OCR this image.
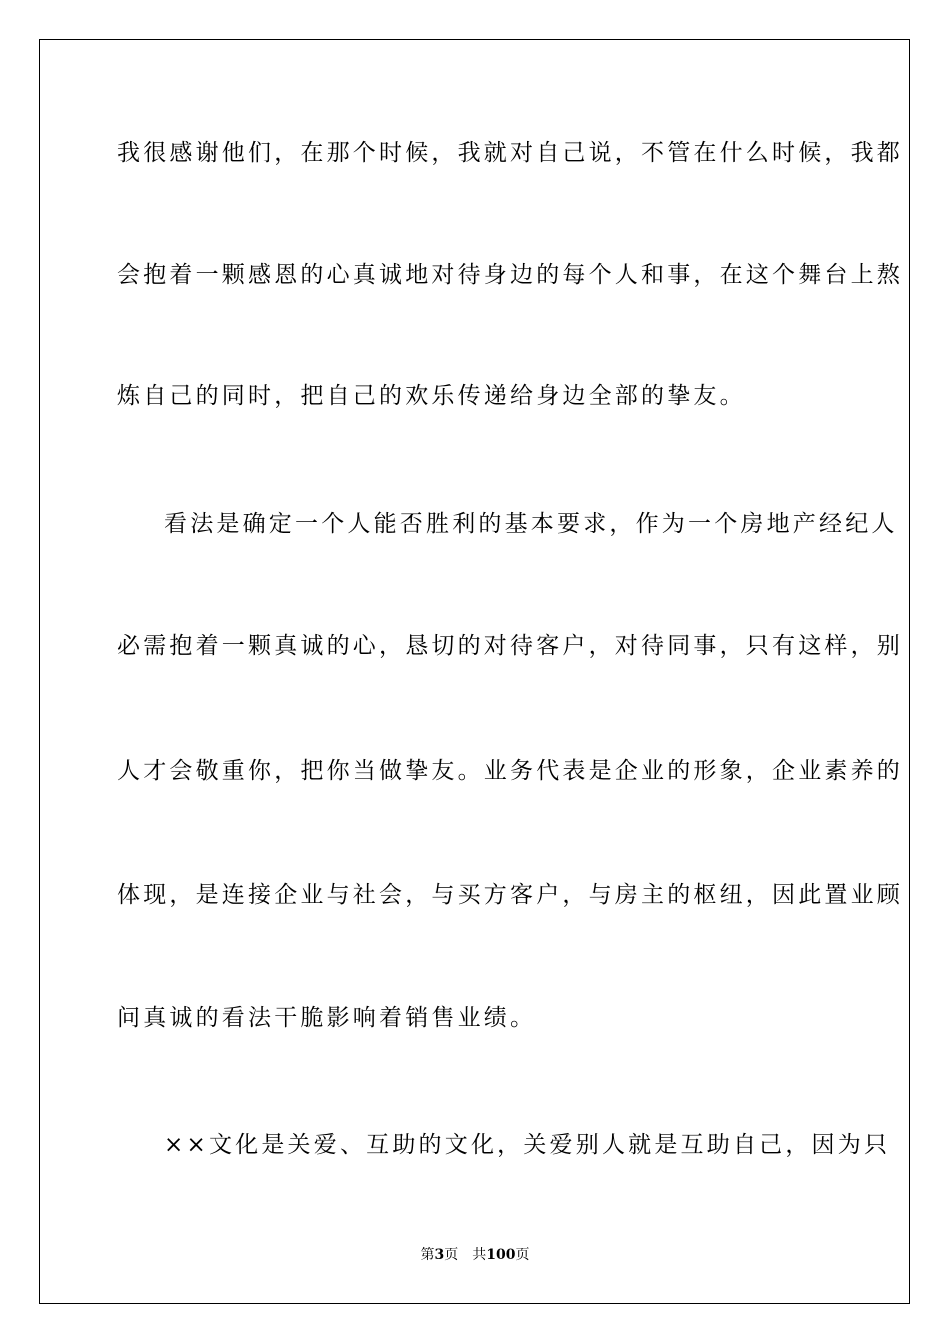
我很感谢他们，在那个时候，我就对自己说，不管在什么时候，我都
会抱着一颗感恩的心真诚地对待身边的每个人和事，在这个舞台上熬
炼自己的同时，把自己的欢乐传递给身边全部的挚友。
看法是确定一个人能否胜利的基本要求，作为一个房地产经纪人
必需抱着一颗真诚的心，恳切的对待客户，对待同事，只有这样，别
人才会敬重你，把你当做挚友。业务代表是企业的形象，企业素养的
体现，是连接企业与社会，与买方客户，与房主的枢纽，因此置业顾
问真诚的看法干脆影响着销售业绩。
××文化是关爱、互助的文化，关爱别人就是互助自己，因为只
第3页 共100页
